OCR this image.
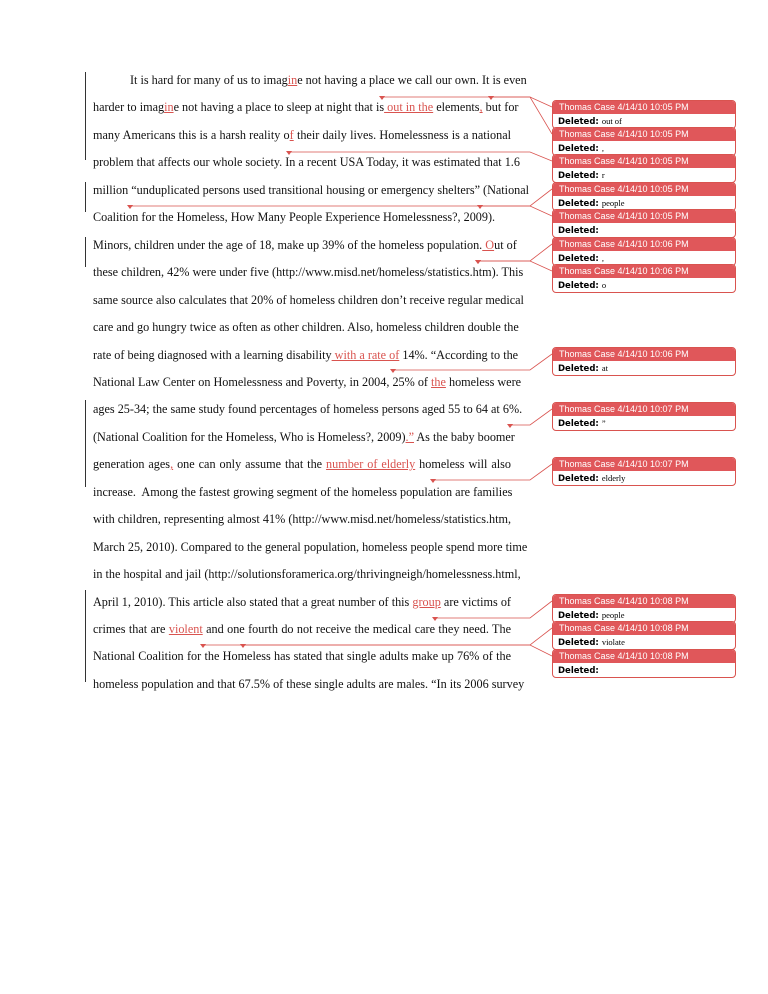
It is hard for many of us to imagine not having a place we call our own. It is even
harder to imagine not having a place to sleep at night that is out in the elements, but for
many Americans this is a harsh reality of their daily lives. Homelessness is a national
problem that affects our whole society. In a recent USA Today, it was estimated that 1.6
million “unduplicated persons used transitional housing or emergency shelters” (National
Coalition for the Homeless, How Many People Experience Homelessness?, 2009).
Minors, children under the age of 18, make up 39% of the homeless population. Out of
these children, 42% were under five (http://www.misd.net/homeless/statistics.htm). This
same source also calculates that 20% of homeless children don’t receive regular medical
care and go hungry twice as often as other children. Also, homeless children double the
rate of being diagnosed with a learning disability with a rate of 14%. “According to the
National Law Center on Homelessness and Poverty, in 2004, 25% of the homeless were
ages 25-34; the same study found percentages of homeless persons aged 55 to 64 at 6%.
(National Coalition for the Homeless, Who is Homeless?, 2009).” As the baby boomer
generation ages, one can only assume that the number of elderly homeless will also
increase.  Among the fastest growing segment of the homeless population are families
with children, representing almost 41% (http://www.misd.net/homeless/statistics.htm,
March 25, 2010). Compared to the general population, homeless people spend more time
in the hospital and jail (http://solutionsforamerica.org/thrivingneigh/homelessness.html,
April 1, 2010). This article also stated that a great number of this group are victims of
crimes that are violent and one fourth do not receive the medical care they need. The
National Coalition for the Homeless has stated that single adults make up 76% of the
homeless population and that 67.5% of these single adults are males. “In its 2006 survey
Thomas Case 4/14/10 10:05 PM
Deleted: out of
Thomas Case 4/14/10 10:05 PM
Deleted: ,
Thomas Case 4/14/10 10:05 PM
Deleted: r
Thomas Case 4/14/10 10:05 PM
Deleted: people
Thomas Case 4/14/10 10:05 PM
Deleted:
Thomas Case 4/14/10 10:06 PM
Deleted: ,
Thomas Case 4/14/10 10:06 PM
Deleted: o
Thomas Case 4/14/10 10:06 PM
Deleted: at
Thomas Case 4/14/10 10:07 PM
Deleted: ”
Thomas Case 4/14/10 10:07 PM
Deleted: elderly
Thomas Case 4/14/10 10:08 PM
Deleted: people
Thomas Case 4/14/10 10:08 PM
Deleted: violate
Thomas Case 4/14/10 10:08 PM
Deleted:
